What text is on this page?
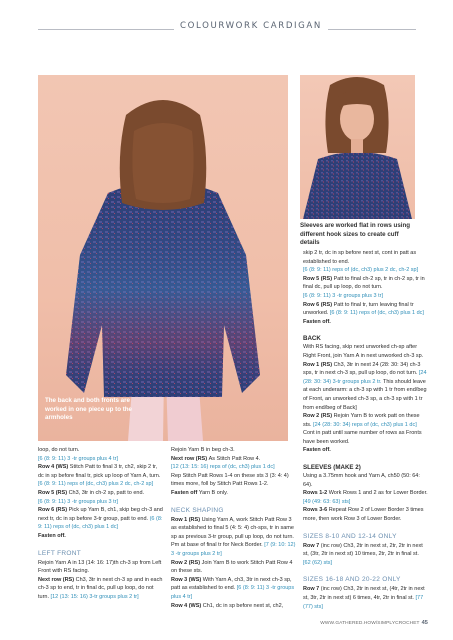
COLOURWORK CARDIGAN
The back and both fronts are worked in one piece up to the armholes
Sleeves are worked flat in rows using different hook sizes to create cuff details

loop, do not turn.

[6 (8: 9: 11) 3 -tr groups plus 4 tr]

Row 4 (WS) Stitch Patt to final 3 tr, ch2, skip 2 tr, dc in sp before final tr, pick up loop of Yarn A, turn.

[6 (8: 9: 11) reps of (dc, ch3) plus 2 dc, ch-2 sp]

Row 5 (RS) Ch3, 3tr in ch-2 sp, patt to end.

[6 (8: 9: 11) 3 -tr groups plus 3 tr]

Row 6 (RS) Pick up Yarn B, ch1, skip beg ch-3 and next tr, dc in sp before 3-tr group, patt to end. (6 (8: 9: 11) reps of (dc, ch3) plus 1 dc]

Fasten off.

LEFT FRONT

Rejoin Yarn A in 13 (14: 16: 17)th ch-3 sp from Left Front with RS facing.

Next row (RS) Ch3, 3tr in next ch-3 sp and in each ch-3 sp to end, tr in final dc, pull up loop, do not turn. [12 (13: 15: 16) 3-tr groups plus 2 tr]

Rejoin Yarn B in beg ch-3.

Next row (RS) As Stitch Patt Row 4.

[12 (13: 15: 16) reps of (dc, ch3) plus 1 dc]

Rep Stitch Patt Rows 1-4 on these sts 3 (3: 4: 4) times more, foll by Stitch Patt Rows 1-2.

Fasten off Yarn B only.

NECK SHAPING

Row 1 (RS) Using Yarn A, work Stitch Patt Row 3 as established to final 5 (4: 5: 4) ch-sps, tr in same sp as previous 3-tr group, pull up loop, do not turn. Pm at base of final tr for Neck Border. [7 (9: 10: 12) 3 -tr groups plus 2 tr]

Row 2 (RS) Join Yarn B to work Stitch Patt Row 4 on these sts.

Row 3 (WS) With Yarn A, ch3, 3tr in next ch-3 sp, patt as established to end. [6 (8: 9: 11) 3 -tr groups plus 4 tr]

Row 4 (WS) Ch1, dc in sp before next st, ch2,

skip 2 tr, dc in sp before next st, cont in patt as established to end.

[6 (8: 9: 11) reps of (dc, ch3) plus 2 dc, ch-2 sp]

Row 5 (RS) Patt to final ch-2 sp, tr in ch-2 sp, tr in final dc, pull up loop, do not turn.

[6 (8: 9: 11) 3 -tr groups plus 3 tr]

Row 6 (RS) Patt to final tr, turn leaving final tr unworked. [6 (8: 9: 11) reps of (dc, ch3) plus 1 dc]

Fasten off.

BACK

With RS facing, skip next unworked ch-sp after Right Front, join Yarn A in next unworked ch-3 sp.

Row 1 (RS) Ch3, 3tr in next 24 (28: 30: 34) ch-3 sps, tr in next ch-3 sp, pull up loop, do not turn. [24 (28: 30: 34) 3-tr groups plus 2 tr. This should leave at each underarm: a ch-3 sp with 1 tr from end/beg of Front, an unworked ch-3 sp, a ch-3 sp with 1 tr from end/beg of Back]

Row 2 (RS) Rejoin Yarn B to work patt on these sts. [24 (28: 30: 34) reps of (dc, ch3) plus 1 dc]

Cont in patt until same number of rows as Fronts have been worked.

Fasten off.

SLEEVES (MAKE 2)

Using a 3.75mm hook and Yarn A, ch50 (50: 64: 64).

Rows 1-2 Work Rows 1 and 2 as for Lower Border. [49 (49: 63: 63) sts]

Rows 3-6 Repeat Row 2 of Lower Border 3 times more, then work Row 3 of Lower Border.

SIZES 8-10 AND 12-14 ONLY

Row 7 (inc row) Ch3, 2tr in next st, 2tr, 2tr in next st, (3tr, 2tr in next st) 10 times, 2tr, 2tr in final st. [62 (62) sts]

SIZES 16-18 AND 20-22 ONLY

Row 7 (inc row) Ch3, 2tr in next st, (4tr, 2tr in next st, 3tr, 2tr in next st) 6 times, 4tr, 2tr in final st. [77 (77) sts]

WWW.GATHERED.HOW/SIMPLYCROCHET 45
